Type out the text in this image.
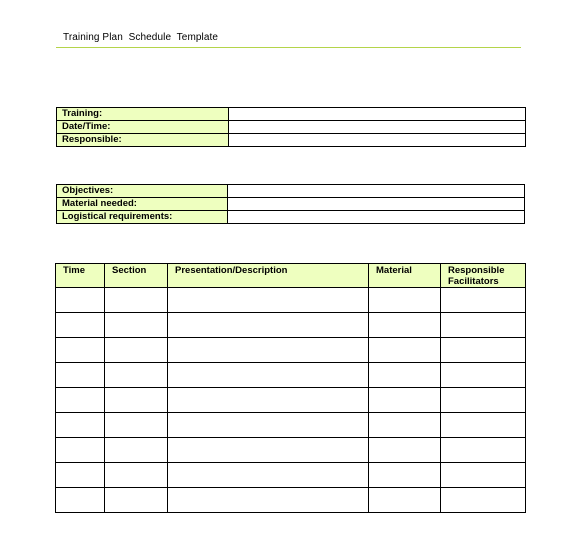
Training Plan  Schedule  Template
Training:	
Date/Time:	
Responsible:	
Objectives:	
Material needed:	
Logistical requirements:	
Time	Section	Presentation/Description	Material	Responsible Facilitators
